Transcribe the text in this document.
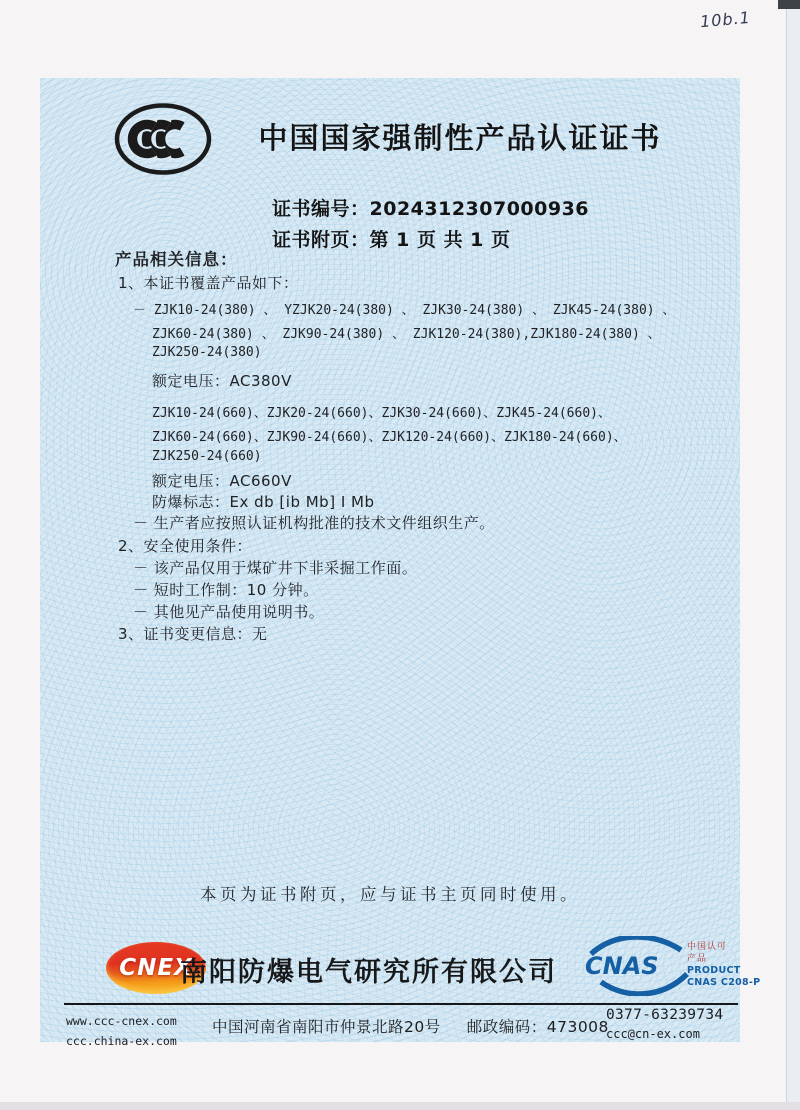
10b.1
中国国家强制性产品认证证书
证书编号：2024312307000936
证书附页：第 1 页 共 1 页
产品相关信息：
1、本证书覆盖产品如下：
－ ZJK10-24(380) 、 YZJK20-24(380) 、 ZJK30-24(380) 、 ZJK45-24(380) 、
ZJK60-24(380) 、 ZJK90-24(380) 、 ZJK120-24(380),ZJK180-24(380) 、
ZJK250-24(380)
额定电压：AC380V
ZJK10-24(660)、ZJK20-24(660)、ZJK30-24(660)、ZJK45-24(660)、
ZJK60-24(660)、ZJK90-24(660)、ZJK120-24(660)、ZJK180-24(660)、
ZJK250-24(660)
额定电压：AC660V
防爆标志：Ex db [ib Mb] I Mb
－ 生产者应按照认证机构批准的技术文件组织生产。
2、安全使用条件：
－ 该产品仅用于煤矿井下非采掘工作面。
－ 短时工作制：10 分钟。
－ 其他见产品使用说明书。
3、证书变更信息：无
本页为证书附页，应与证书主页同时使用。
CNEX
南阳防爆电气研究所有限公司 CNAS
中国认可
产品
PRODUCT
CNAS C208-P
www.ccc-cnex.com
ccc.china-ex.com
中国河南省南阳市仲景北路20号 邮政编码：473008
0377-63239734
ccc@cn-ex.com
